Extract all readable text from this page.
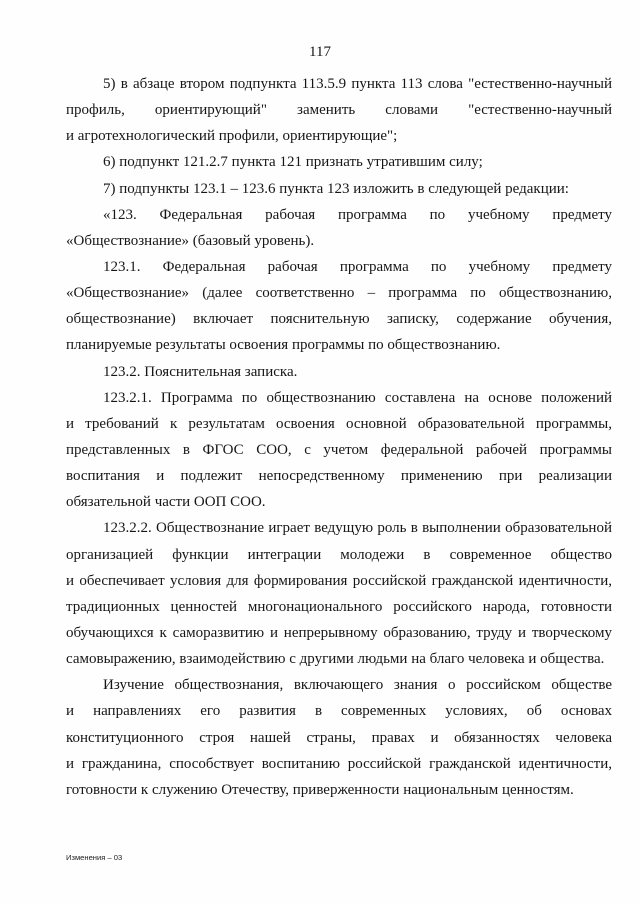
117
5) в абзаце втором подпункта 113.5.9 пункта 113 слова "естественно-научный
профиль, ориентирующий" заменить словами "естественно-научный
и агротехнологический профили, ориентирующие";
6) подпункт 121.2.7 пункта 121 признать утратившим силу;
7) подпункты 123.1 – 123.6 пункта 123 изложить в следующей редакции:
«123. Федеральная рабочая программа по учебному предмету
«Обществознание» (базовый уровень).
123.1. Федеральная рабочая программа по учебному предмету
«Обществознание» (далее соответственно – программа по обществознанию,
обществознание) включает пояснительную записку, содержание обучения,
планируемые результаты освоения программы по обществознанию.
123.2. Пояснительная записка.
123.2.1. Программа по обществознанию составлена на основе положений
и требований к результатам освоения основной образовательной программы,
представленных в ФГОС СОО, с учетом федеральной рабочей программы
воспитания и подлежит непосредственному применению при реализации
обязательной части ООП СОО.
123.2.2. Обществознание играет ведущую роль в выполнении образовательной
организацией функции интеграции молодежи в современное общество
и обеспечивает условия для формирования российской гражданской идентичности,
традиционных ценностей многонационального российского народа, готовности
обучающихся к саморазвитию и непрерывному образованию, труду и творческому
самовыражению, взаимодействию с другими людьми на благо человека и общества.
Изучение обществознания, включающего знания о российском обществе
и направлениях его развития в современных условиях, об основах
конституционного строя нашей страны, правах и обязанностях человека
и гражданина, способствует воспитанию российской гражданской идентичности,
готовности к служению Отечеству, приверженности национальным ценностям.
Изменения – 03
